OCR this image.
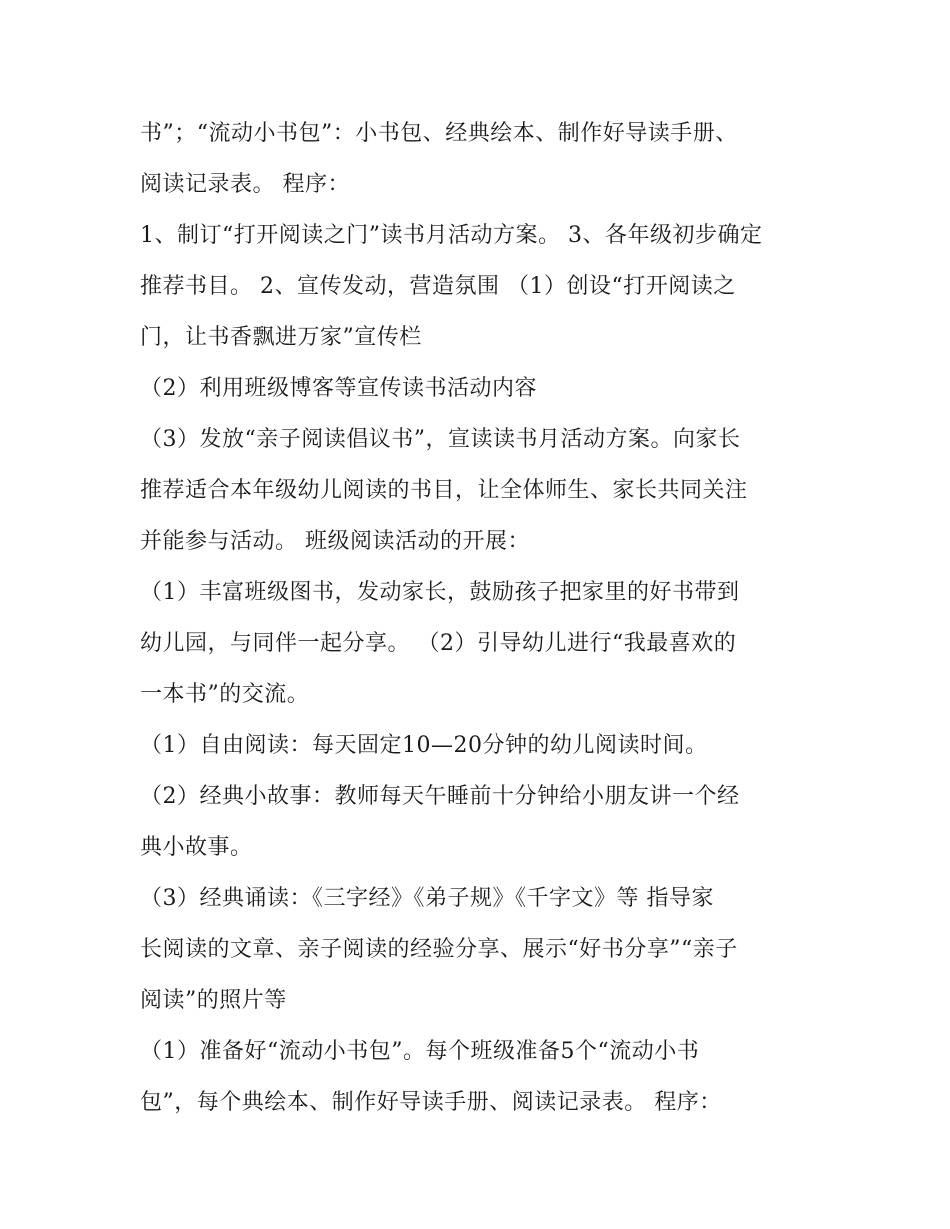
书”；“流动小书包”：小书包、经典绘本、制作好导读手册、
阅读记录表。 程序：
1、制订“打开阅读之门”读书月活动方案。 3、各年级初步确定
推荐书目。 2、宣传发动，营造氛围 （1）创设“打开阅读之
门，让书香飘进万家”宣传栏
（2）利用班级博客等宣传读书活动内容
（3）发放“亲子阅读倡议书”，宣读读书月活动方案。向家长
推荐适合本年级幼儿阅读的书目，让全体师生、家长共同关注
并能参与活动。 班级阅读活动的开展：
（1）丰富班级图书，发动家长，鼓励孩子把家里的好书带到
幼儿园，与同伴一起分享。 （2）引导幼儿进行“我最喜欢的
一本书”的交流。
（1）自由阅读：每天固定10—20分钟的幼儿阅读时间。
（2）经典小故事：教师每天午睡前十分钟给小朋友讲一个经
典小故事。
（3）经典诵读：《三字经》《弟子规》《千字文》等 指导家
长阅读的文章、亲子阅读的经验分享、展示“好书分享”“亲子
阅读”的照片等
（1）准备好“流动小书包”。每个班级准备5个“流动小书
包”，每个典绘本、制作好导读手册、阅读记录表。 程序：
